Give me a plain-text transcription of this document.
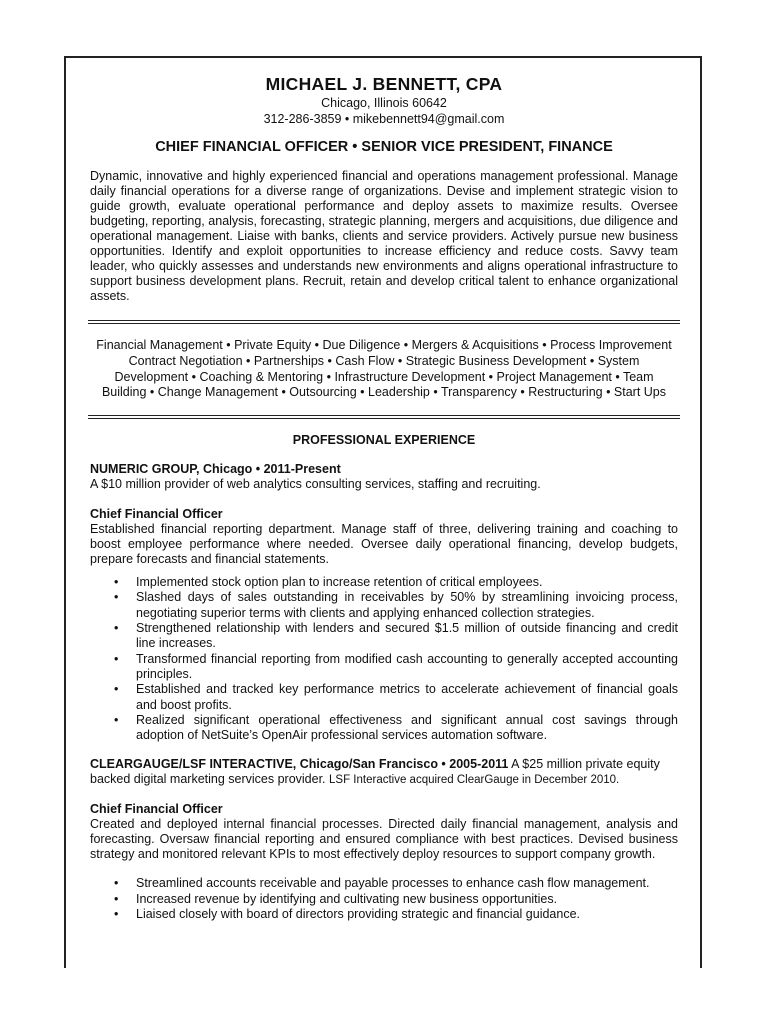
MICHAEL J. BENNETT, CPA
Chicago, Illinois 60642
312-286-3859 • mikebennett94@gmail.com
CHIEF FINANCIAL OFFICER • SENIOR VICE PRESIDENT, FINANCE
Dynamic, innovative and highly experienced financial and operations management professional. Manage daily financial operations for a diverse range of organizations. Devise and implement strategic vision to guide growth, evaluate operational performance and deploy assets to maximize results. Oversee budgeting, reporting, analysis, forecasting, strategic planning, mergers and acquisitions, due diligence and operational management. Liaise with banks, clients and service providers. Actively pursue new business opportunities. Identify and exploit opportunities to increase efficiency and reduce costs. Savvy team leader, who quickly assesses and understands new environments and aligns operational infrastructure to support business development plans. Recruit, retain and develop critical talent to enhance organizational assets.
Financial Management • Private Equity • Due Diligence • Mergers & Acquisitions • Process Improvement Contract Negotiation • Partnerships • Cash Flow • Strategic Business Development • System Development • Coaching & Mentoring • Infrastructure Development • Project Management • Team Building • Change Management • Outsourcing • Leadership • Transparency • Restructuring • Start Ups
PROFESSIONAL EXPERIENCE
NUMERIC GROUP, Chicago • 2011-Present
A $10 million provider of web analytics consulting services, staffing and recruiting.
Chief Financial Officer
Established financial reporting department. Manage staff of three, delivering training and coaching to boost employee performance where needed. Oversee daily operational financing, develop budgets, prepare forecasts and financial statements.
• Implemented stock option plan to increase retention of critical employees.
• Slashed days of sales outstanding in receivables by 50% by streamlining invoicing process, negotiating superior terms with clients and applying enhanced collection strategies.
• Strengthened relationship with lenders and secured $1.5 million of outside financing and credit line increases.
• Transformed financial reporting from modified cash accounting to generally accepted accounting principles.
• Established and tracked key performance metrics to accelerate achievement of financial goals and boost profits.
• Realized significant operational effectiveness and significant annual cost savings through adoption of NetSuite’s OpenAir professional services automation software.
CLEARGAUGE/LSF INTERACTIVE, Chicago/San Francisco • 2005-2011 A $25 million private equity backed digital marketing services provider. LSF Interactive acquired ClearGauge in December 2010.
Chief Financial Officer
Created and deployed internal financial processes. Directed daily financial management, analysis and forecasting. Oversaw financial reporting and ensured compliance with best practices. Devised business strategy and monitored relevant KPIs to most effectively deploy resources to support company growth.
• Streamlined accounts receivable and payable processes to enhance cash flow management.
• Increased revenue by identifying and cultivating new business opportunities.
• Liaised closely with board of directors providing strategic and financial guidance.
